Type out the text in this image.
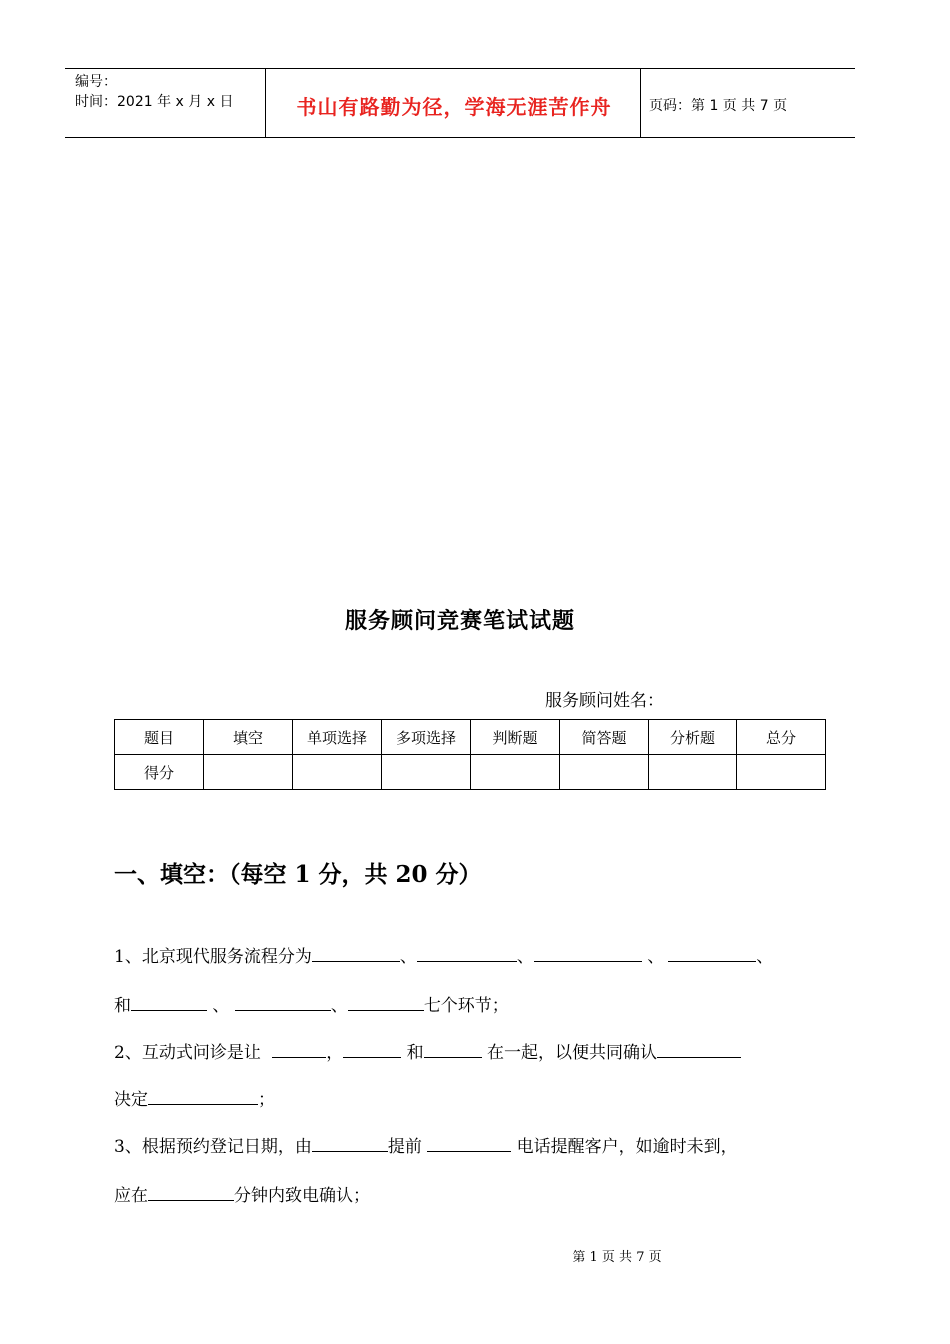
编号：
时间：2021 年 x 月 x 日	书山有路勤为径，学海无涯苦作舟	页码：第 1 页 共 7 页
服务顾问竞赛笔试试题
服务顾问姓名：
题目	填空	单项选择	多项选择	判断题	简答题	分析题	总分
得分							
一、填空：（每空 1 分，共 20 分）
1、北京现代服务流程分为	、	、	、	、
和	、	、	七个环节；
2、互动式问诊是让	，	和	在一起，以便共同确认
决定	；
3、根据预约登记日期，由	提前	电话提醒客户，如逾时未到，
应在	分钟内致电确认；
第 1 页 共 7 页
